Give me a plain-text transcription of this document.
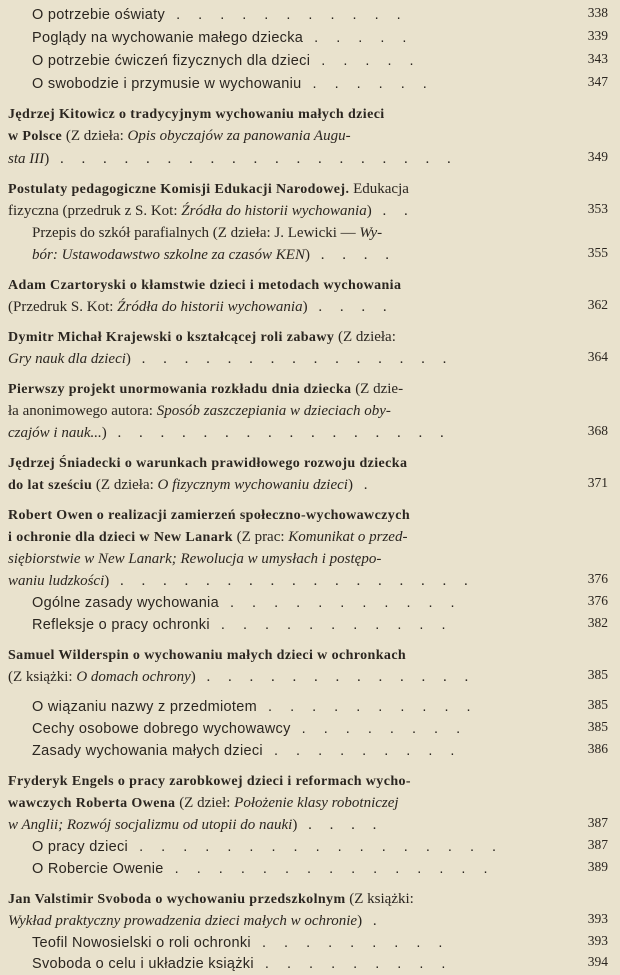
O potrzebie oświaty . . . . . . . . . . .	338
Poglądy na wychowanie małego dziecka . . . . .	339
O potrzebie ćwiczeń fizycznych dla dzieci . . . . .	343
O swobodzie i przymusie w wychowaniu . . . . . .	347
Jędrzej Kitowicz o tradycyjnym wychowaniu małych dzieci
w Polsce (Z dzieła: Opis obyczajów za panowania Augu-
sta III) . . . . . . . . . . . . . . . . . . .	349
Postulaty pedagogiczne Komisji Edukacji Narodowej. Edukacja
fizyczna (przedruk z S. Kot: Źródła do historii wychowania) . .	353
Przepis do szkół parafialnych (Z dzieła: J. Lewicki — Wy-
bór: Ustawodawstwo szkolne za czasów KEN) . . . .	355
Adam Czartoryski o kłamstwie dzieci i metodach wychowania
(Przedruk S. Kot: Źródła do historii wychowania) . . . .	362
Dymitr Michał Krajewski o kształcącej roli zabawy (Z dzieła:
Gry nauk dla dzieci) . . . . . . . . . . . . . . .	364
Pierwszy projekt unormowania rozkładu dnia dziecka (Z dzie-
ła anonimowego autora: Sposób zaszczepiania w dzieciach oby-
czajów i nauk...) . . . . . . . . . . . . . . . .	368
Jędrzej Śniadecki o warunkach prawidłowego rozwoju dziecka
do lat sześciu (Z dzieła: O fizycznym wychowaniu dzieci) .	371
Robert Owen o realizacji zamierzeń społeczno-wychowawczych
i ochronie dla dzieci w New Lanark (Z prac: Komunikat o przed-
siębiorstwie w New Lanark; Rewolucja w umysłach i postępo-
waniu ludzkości) . . . . . . . . . . . . . . . . .	376
Ogólne zasady wychowania . . . . . . . . . . .	376
Refleksje o pracy ochronki . . . . . . . . . . .	382
Samuel Wilderspin o wychowaniu małych dzieci w ochronkach
(Z książki: O domach ochrony) . . . . . . . . . . . . .	385
O wiązaniu nazwy z przedmiotem . . . . . . . . . .	385
Cechy osobowe dobrego wychowawcy . . . . . . . .	385
Zasady wychowania małych dzieci . . . . . . . . .	386
Fryderyk Engels o pracy zarobkowej dzieci i reformach wycho-
wawczych Roberta Owena (Z dzieł: Położenie klasy robotniczej
w Anglii; Rozwój socjalizmu od utopii do nauki) . . . .	387
O pracy dzieci . . . . . . . . . . . . . . . . .	387
O Robercie Owenie . . . . . . . . . . . . . . .	389
Jan Valstimir Svoboda o wychowaniu przedszkolnym (Z książki:
Wykład praktyczny prowadzenia dzieci małych w ochronie) .	393
Teofil Nowosielski o roli ochronki . . . . . . . . .	393
Svoboda o celu i układzie książki . . . . . . . . .	394
